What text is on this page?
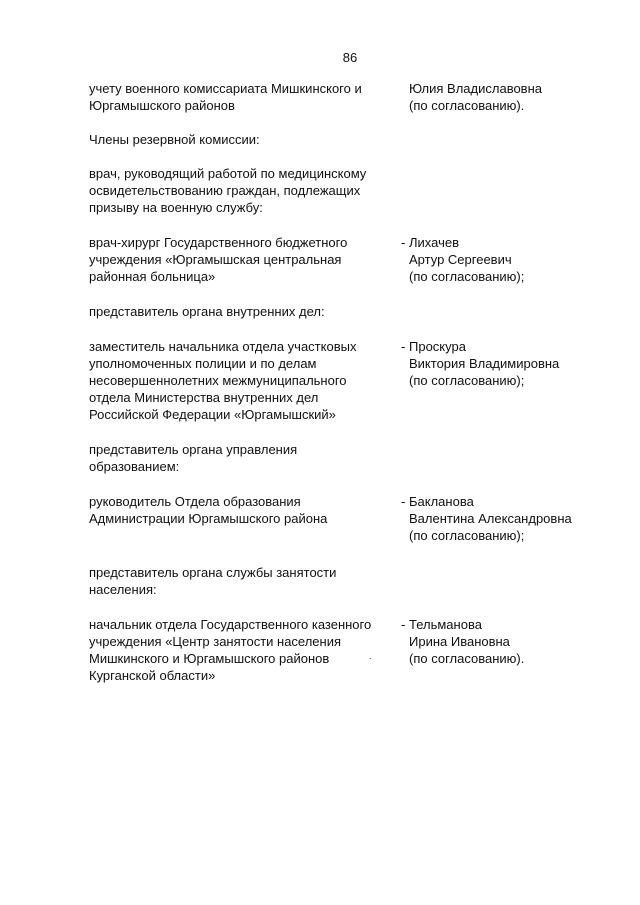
86
учету военного комиссариата Мишкинского и
Юргамышского районов
Юлия Владиславовна
(по согласованию).
Члены резервной комиссии:
врач, руководящий работой по медицинскому
освидетельствованию граждан, подлежащих
призыву на военную службу:
врач-хирург Государственного бюджетного
учреждения «Юргамышская центральная
районная больница»
- Лихачев
Артур Сергеевич
(по согласованию);
представитель органа внутренних дел:
заместитель начальника отдела участковых
уполномоченных полиции и по делам
несовершеннолетних межмуниципального
отдела Министерства внутренних дел
Российской Федерации «Юргамышский»
- Проскура
Виктория Владимировна
(по согласованию);
представитель органа управления
образованием:
руководитель Отдела образования
Администрации Юргамышского района
- Бакланова
Валентина Александровна
(по согласованию);
представитель органа службы занятости
населения:
начальник отдела Государственного казенного
учреждения «Центр занятости населения
Мишкинского и Юргамышского районов
Курганской области»
- Тельманова
Ирина Ивановна
(по согласованию).
.
